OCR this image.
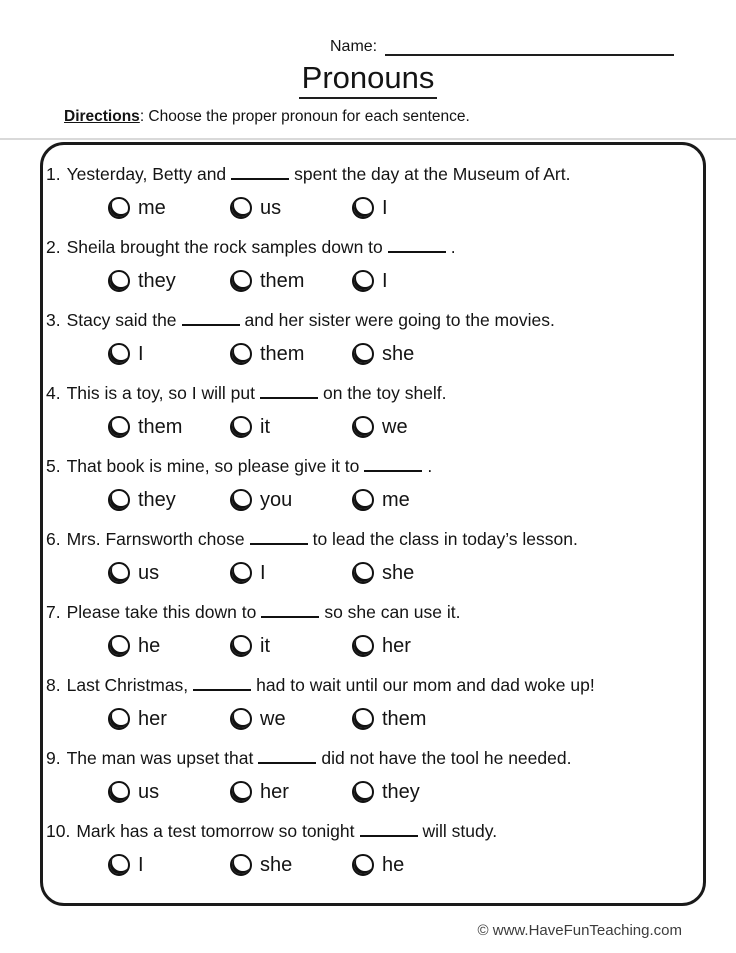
Name:
Pronouns
Directions: Choose the proper pronoun for each sentence.
1. Yesterday, Betty and	spent the day at the Museum of Art.
me	us	I
2. Sheila brought the rock samples down to	.
they	them	I
3. Stacy said the	and her sister were going to the movies.
I	them	she
4. This is a toy, so I will put	on the toy shelf.
them	it	we
5. That book is mine, so please give it to	.
they	you	me
6. Mrs. Farnsworth chose	to lead the class in today’s lesson.
us	I	she
7. Please take this down to	so she can use it.
he	it	her
8. Last Christmas,	had to wait until our mom and dad woke up!
her	we	them
9. The man was upset that	did not have the tool he needed.
us	her	they
10. Mark has a test tomorrow so tonight	will study.
I	she	he
© www.HaveFunTeaching.com
